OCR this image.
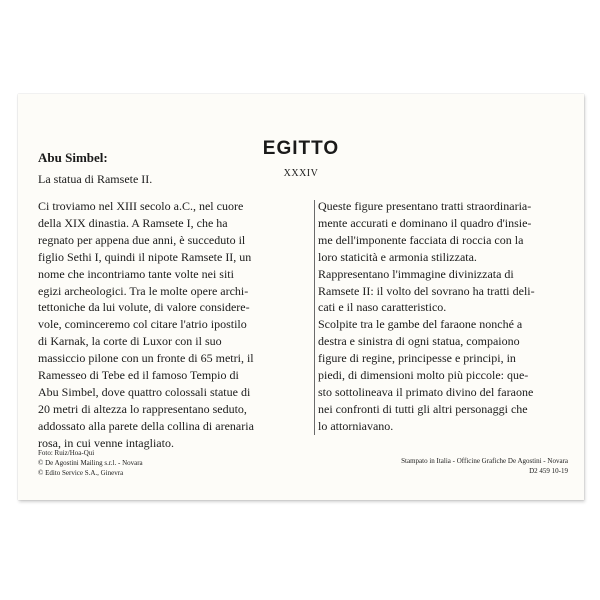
EGITTO
XXXIV
Abu Simbel:
La statua di Ramsete II.
Ci troviamo nel XIII secolo a.C., nel cuore
della XIX dinastia. A Ramsete I, che ha
regnato per appena due anni, è succeduto il
figlio Sethi I, quindi il nipote Ramsete II, un
nome che incontriamo tante volte nei siti
egizi archeologici. Tra le molte opere archi-
tettoniche da lui volute, di valore considere-
vole, cominceremo col citare l'atrio ipostilo
di Karnak, la corte di Luxor con il suo
massiccio pilone con un fronte di 65 metri, il
Ramesseo di Tebe ed il famoso Tempio di
Abu Simbel, dove quattro colossali statue di
20 metri di altezza lo rappresentano seduto,
addossato alla parete della collina di arenaria
rosa, in cui venne intagliato.
Queste figure presentano tratti straordinaria-
mente accurati e dominano il quadro d'insie-
me dell'imponente facciata di roccia con la
loro staticità e armonia stilizzata.
Rappresentano l'immagine divinizzata di
Ramsete II: il volto del sovrano ha tratti deli-
cati e il naso caratteristico.
Scolpite tra le gambe del faraone nonché a
destra e sinistra di ogni statua, compaiono
figure di regine, principesse e principi, in
piedi, di dimensioni molto più piccole: que-
sto sottolineava il primato divino del faraone
nei confronti di tutti gli altri personaggi che
lo attorniavano.
Foto: Ruiz/Hoa-Qui
© De Agostini Mailing s.r.l. - Novara
© Edito Service S.A., Ginevra
Stampato in Italia - Officine Grafiche De Agostini - Novara
D2 459 10-19
